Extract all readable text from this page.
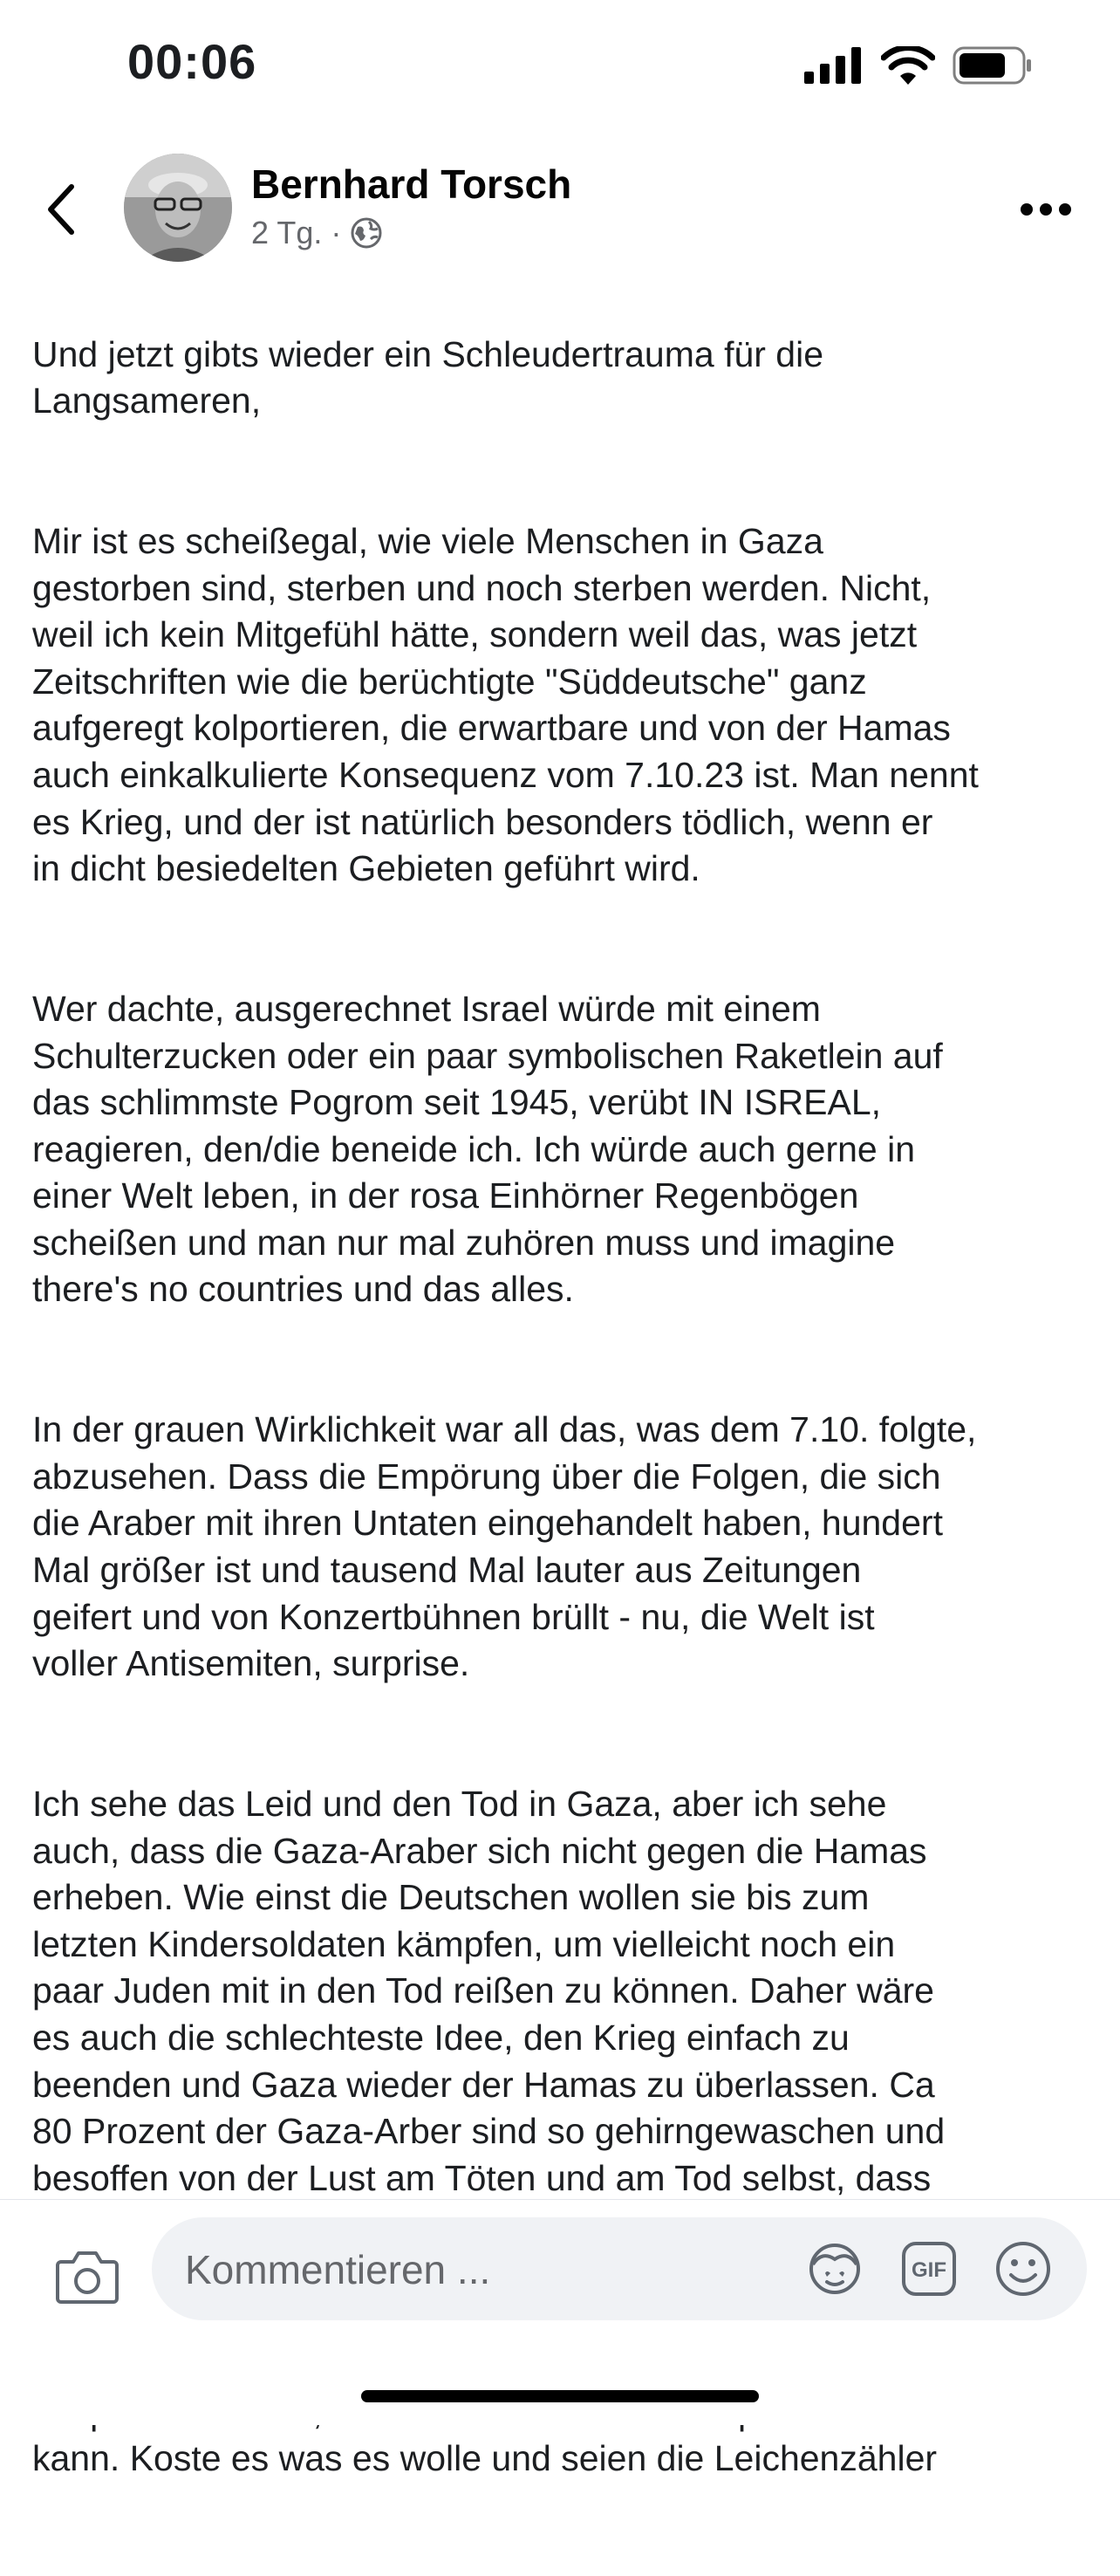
00:06
Bernhard Torsch
2 Tg. ·

Und jetzt gibts wieder ein Schleudertrauma für die
Langsameren,

Mir ist es scheißegal, wie viele Menschen in Gaza
gestorben sind, sterben und noch sterben werden. Nicht,
weil ich kein Mitgefühl hätte, sondern weil das, was jetzt
Zeitschriften wie die berüchtigte "Süddeutsche" ganz
aufgeregt kolportieren, die erwartbare und von der Hamas
auch einkalkulierte Konsequenz vom 7.10.23 ist. Man nennt
es Krieg, und der ist natürlich besonders tödlich, wenn er
in dicht besiedelten Gebieten geführt wird.

Wer dachte, ausgerechnet Israel würde mit einem
Schulterzucken oder ein paar symbolischen Raketlein auf
das schlimmste Pogrom seit 1945, verübt IN ISREAL,
reagieren, den/die beneide ich. Ich würde auch gerne in
einer Welt leben, in der rosa Einhörner Regenbögen
scheißen und man nur mal zuhören muss und imagine
there's no countries und das alles.

In der grauen Wirklichkeit war all das, was dem 7.10. folgte,
abzusehen. Dass die Empörung über die Folgen, die sich
die Araber mit ihren Untaten eingehandelt haben, hundert
Mal größer ist und tausend Mal lauter aus Zeitungen
geifert und von Konzertbühnen brüllt - nu, die Welt ist
voller Antisemiten, surprise.

Ich sehe das Leid und den Tod in Gaza, aber ich sehe
auch, dass die Gaza-Araber sich nicht gegen die Hamas
erheben. Wie einst die Deutschen wollen sie bis zum
letzten Kindersoldaten kämpfen, um vielleicht noch ein
paar Juden mit in den Tod reißen zu können. Daher wäre
es auch die schlechteste Idee, den Krieg einfach zu
beenden und Gaza wieder der Hamas zu überlassen. Ca
80 Prozent der Gaza-Arber sind so gehirngewaschen und
besoffen von der Lust am Töten und am Tod selbst, dass

kann. Koste es was es wolle und seien die Leichenzähler

Kommentieren ...
GIF
